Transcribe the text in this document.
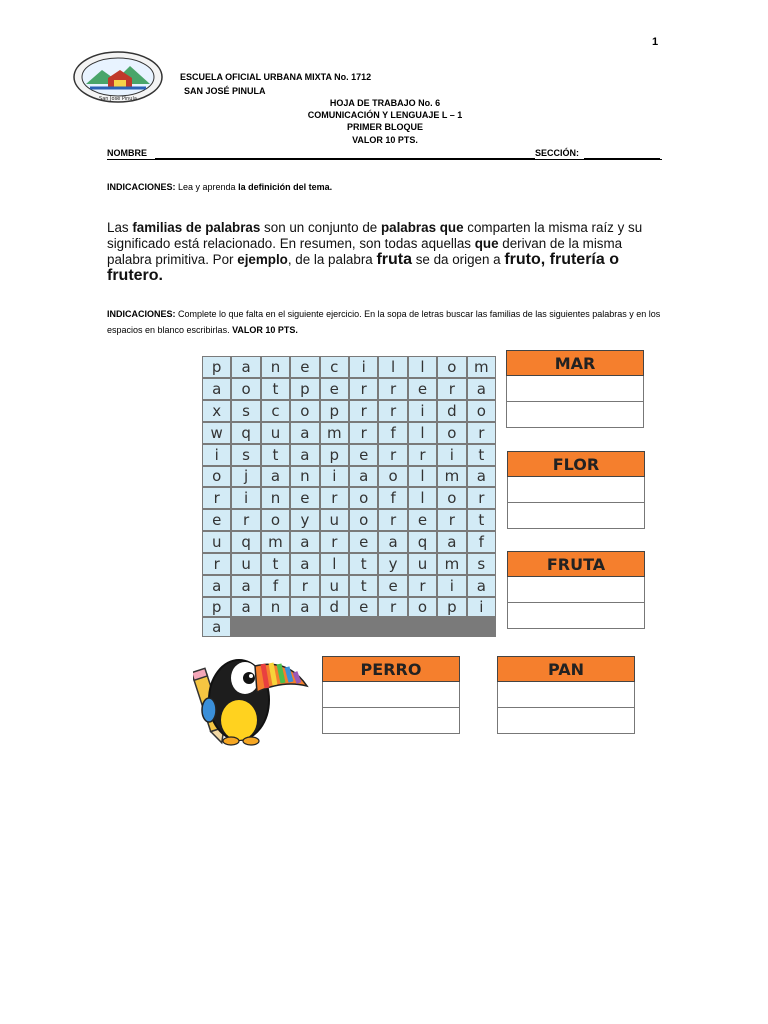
1
San José Pinula
ESCUELA OFICIAL URBANA MIXTA No. 1712
SAN JOSÉ PINULA
HOJA DE TRABAJO No. 6
COMUNICACIÓN Y LENGUAJE L – 1
PRIMER BLOQUE
VALOR 10 PTS.
NOMBRE	SECCIÓN:
INDICACIONES: Lea y aprenda la definición del tema.
Las familias de palabras son un conjunto de palabras que comparten la misma raíz y su significado está relacionado. En resumen, son todas aquellas que derivan de la misma palabra primitiva. Por ejemplo, de la palabra fruta se da origen a fruto, frutería o frutero.
INDICACIONES: Complete lo que falta en el siguiente ejercicio. En la sopa de letras buscar las familias de las siguientes palabras y en los espacios en blanco escribirlas. VALOR 10 PTS.
p	a	n	e	c	i	l	l	o	m
a	o	t	p	e	r	r	e	r	a
x	s	c	o	p	r	r	i	d	o
w	q	u	a	m	r	f	l	o	r
i	s	t	a	p	e	r	r	i	t
o	j	a	n	i	a	o	l	m	a
r	i	n	e	r	o	f	l	o	r
e	r	o	y	u	o	r	e	r	t
u	q	m	a	r	e	a	q	a	f
r	u	t	a	l	t	y	u	m	s
a	a	f	r	u	t	e	r	i	a
p	a	n	a	d	e	r	o	p	i
a
MAR
FLOR
FRUTA
PERRO	PAN
